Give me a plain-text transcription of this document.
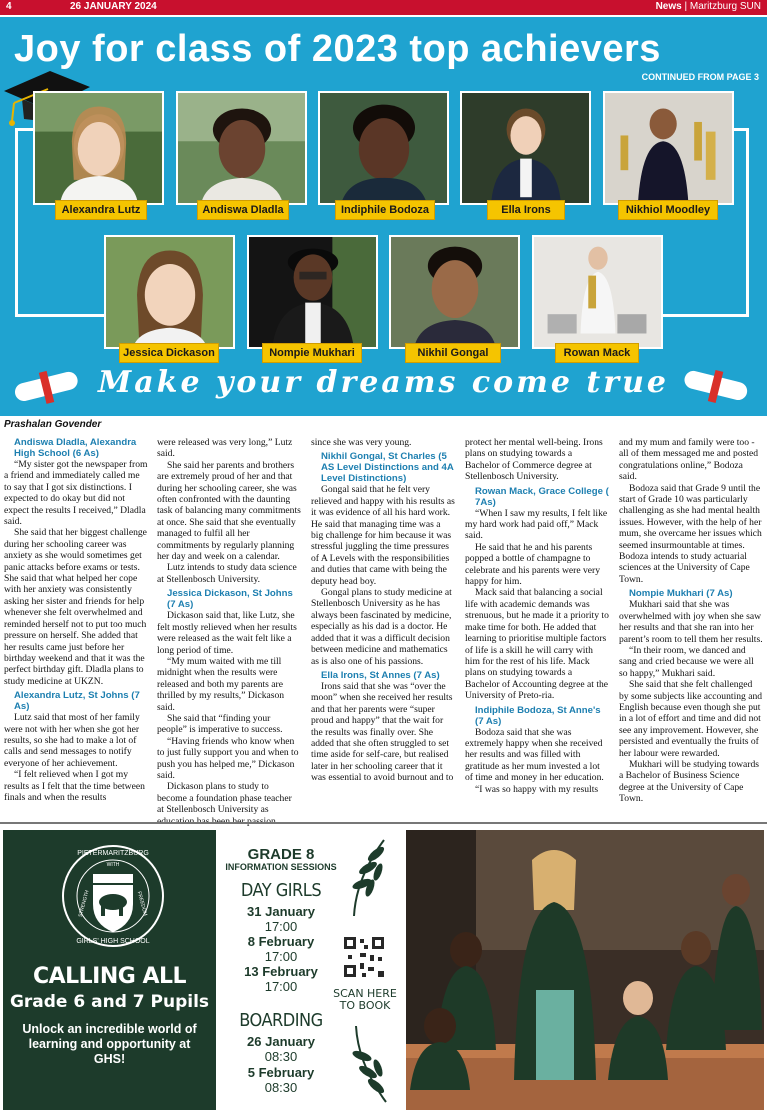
4	26 JANUARY 2024	News | Maritzburg SUN
Joy for class of 2023 top achievers
CONTINUED FROM PAGE 3
Alexandra Lutz	Andiswa Dladla	Indiphile Bodoza	Ella Irons	Nikhiol Moodley
Jessica Dickason	Nompie Mukhari	Nikhil Gongal	Rowan Mack
Make your dreams come true
Prashalan Govender
Andiswa Dladla, Alexandra High School (6 As)

“My sister got the newspaper from a friend and immediately called me to say that I got six distinctions. I expected to do okay but did not expect the results I received,” Dladla said.

She said that her biggest challenge during her schooling career was anxiety as she would sometimes get panic attacks before exams or tests. She said that what helped her cope with her anxiety was consistently asking her sister and friends for help whenever she felt overwhelmed and reminded herself not to put too much pressure on herself. She added that her results came just before her birthday weekend and that it was the perfect birthday gift. Dladla plans to study medicine at UKZN.

Alexandra Lutz, St Johns (7 As)

Lutz said that most of her family were not with her when she got her results, so she had to make a lot of calls and send messages to notify everyone of her achievement.

“I felt relieved when I got my results as I felt that the time between finals and when the results

were released was very long,” Lutz said.

She said her parents and brothers are extremely proud of her and that during her schooling career, she was often confronted with the daunting task of balancing many commitments at once. She said that she eventually managed to fulfil all her commitments by regularly planning her day and week on a calendar.

Lutz intends to study data science at Stellenbosch University.

Jessica Dickason, St Johns (7 As)

Dickason said that, like Lutz, she felt mostly relieved when her results were released as the wait felt like a long period of time.

“My mum waited with me till midnight when the results were released and both my parents are thrilled by my results,” Dickason said.

She said that “finding your people” is imperative to success.

“Having friends who know when to just fully support you and when to push you has helped me,” Dickason said.

Dickason plans to study to become a foundation phase teacher at Stellenbosch University as

since she was very young.

Nikhil Gongal, St Charles (5 AS Level Distinctions and 4A Level Distinctions)

Gongal said that he felt very relieved and happy with his results as it was evidence of all his hard work. He said that managing time was a big challenge for him because it was stressful juggling the time pressures of A Levels with the responsibilities and duties that came with being the deputy head boy.

Gongal plans to study medicine at Stellenbosch University as he has always been fascinated by medicine, especially as his dad is a doctor. He added that it was a difficult decision between medicine and mathematics as is also one of his passions.

Ella Irons, St Annes (7 As)

Irons said that she was “over the moon” when she received her results and that her parents were “super proud and happy” that the wait for the results was finally over. She added that she often struggled to set time aside for self-care, but realised later in her schooling career that it was essential to avoid burnout and to

protect her mental well-being. Irons plans on studying towards a Bachelor of Commerce degree at Stellenbosch University.

Rowan Mack, Grace College ( 7As)

“When I saw my results, I felt like my hard work had paid off,” Mack said.

He said that he and his parents popped a bottle of champagne to celebrate and his parents were very happy for him.

Mack said that balancing a social life with academic demands was strenuous, but he made it a priority to make time for both. He added that learning to prioritise multiple factors of life is a skill he will carry with him for the rest of his life. Mack plans on studying towards a Bachelor of Accounting degree at the University of Preto-ria.

Indiphile Bodoza, St Anne's (7 As)

Bodoza said that she was extremely happy when she received her results and was filled with gratitude as her mum invested a lot of time and money in her education.

“I was so happy with my results

and my mum and family were too - all of them messaged me and posted congratulations online,” Bodoza said.

Bodoza said that Grade 9 until the start of Grade 10 was particularly challenging as she had mental health issues. However, with the help of her mum, she overcame her issues which seemed insurmountable at times. Bodoza intends to study actuarial sciences at the University of Cape Town.

Nompie Mukhari (7 As)

Mukhari said that she was overwhelmed with joy when she saw her results and that she ran into her parent’s room to tell them her results.

“In their room, we danced and sang and cried because we were all so happy,” Mukhari said.

She said that she felt challenged by some subjects like accounting and English because even though she put in a lot of effort and time and did not see any improvement. However, she persisted and eventually the fruits of her labour were rewarded.

Mukhari will be studying towards a Bachelor of Business Science degree at the University of Cape Town.

PIETERMARITZBURG
WITH
STRENGTH	FREEDOM
GIRLS' HIGH SCHOOL
CALLING ALL
Grade 6 and 7 Pupils
Unlock an incredible world of learning and opportunity at GHS!
GRADE 8
INFORMATION SESSIONS
DAY GIRLS
31 January
17:00
8 February
17:00
13 February
17:00
BOARDING
26 January
08:30
5 February
08:30
SCAN HERE TO BOOK
